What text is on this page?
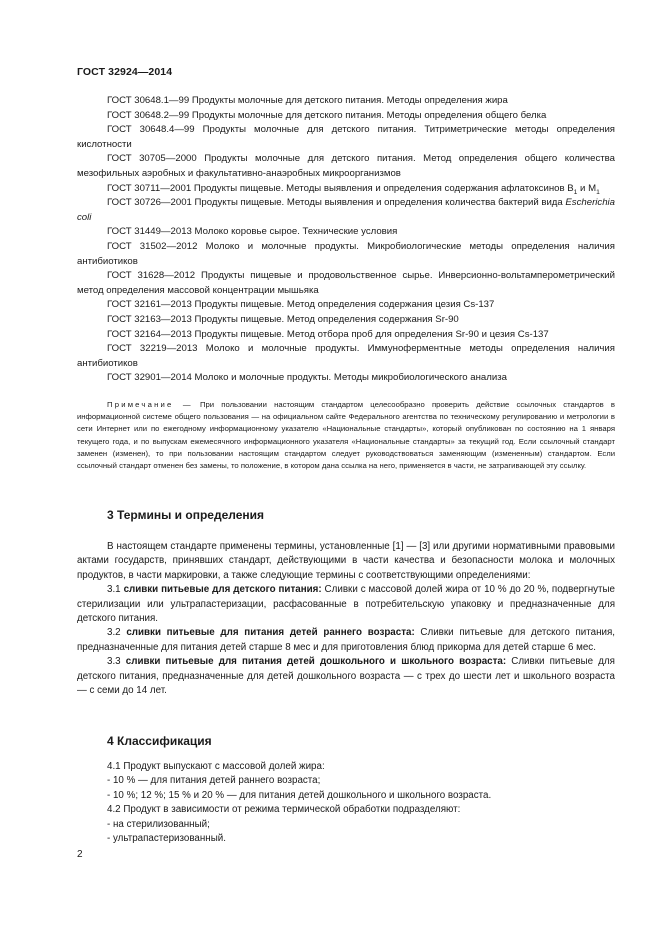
ГОСТ 32924—2014

ГОСТ 30648.1—99 Продукты молочные для детского питания. Методы определения жира

ГОСТ 30648.2—99 Продукты молочные для детского питания. Методы определения общего белка

ГОСТ 30648.4—99 Продукты молочные для детского питания. Титриметрические методы определения кислотности

ГОСТ 30705—2000 Продукты молочные для детского питания. Метод определения общего количества мезофильных аэробных и факультативно-анаэробных микроорганизмов

ГОСТ 30711—2001 Продукты пищевые. Методы выявления и определения содержания афлатоксинов $B_1$ и $M_1$

ГОСТ 30726—2001 Продукты пищевые. Методы выявления и определения количества бактерий вида Escherichia coli

ГОСТ 31449—2013 Молоко коровье сырое. Технические условия

ГОСТ 31502—2012 Молоко и молочные продукты. Микробиологические методы определения наличия антибиотиков

ГОСТ 31628—2012 Продукты пищевые и продовольственное сырье. Инверсионно-вольтамперометрический метод определения массовой концентрации мышьяка

ГОСТ 32161—2013 Продукты пищевые. Метод определения содержания цезия Cs-137

ГОСТ 32163—2013 Продукты пищевые. Метод определения содержания Sr-90

ГОСТ 32164—2013 Продукты пищевые. Метод отбора проб для определения Sr-90 и цезия Cs-137

ГОСТ 32219—2013 Молоко и молочные продукты. Иммуноферментные методы определения наличия антибиотиков

ГОСТ 32901—2014 Молоко и молочные продукты. Методы микробиологического анализа

Примечание — При пользовании настоящим стандартом целесообразно проверить действие ссылочных стандартов в информационной системе общего пользования — на официальном сайте Федерального агентства по техническому регулированию и метрологии в сети Интернет или по ежегодному информационному указателю «Национальные стандарты», который опубликован по состоянию на 1 января текущего года, и по выпускам ежемесячного информационного указателя «Национальные стандарты» за текущий год. Если ссылочный стандарт заменен (изменен), то при пользовании настоящим стандартом следует руководствоваться заменяющим (измененным) стандартом. Если ссылочный стандарт отменен без замены, то положение, в котором дана ссылка на него, применяется в части, не затрагивающей эту ссылку.

3 Термины и определения

В настоящем стандарте применены термины, установленные [1] — [3] или другими нормативными правовыми актами государств, принявших стандарт, действующими в части качества и безопасности молока и молочных продуктов, в части маркировки, а также следующие термины с соответствующими определениями:

3.1 сливки питьевые для детского питания: Сливки с массовой долей жира от 10 % до 20 %, подвергнутые стерилизации или ультрапастеризации, расфасованные в потребительскую упаковку и предназначенные для детского питания.

3.2 сливки питьевые для питания детей раннего возраста: Сливки питьевые для детского питания, предназначенные для питания детей старше 8 мес и для приготовления блюд прикорма для детей старше 6 мес.

3.3 сливки питьевые для питания детей дошкольного и школьного возраста: Сливки питьевые для детского питания, предназначенные для детей дошкольного возраста — с трех до шести лет и школьного возраста — с семи до 14 лет.

4 Классификация

4.1 Продукт выпускают с массовой долей жира:

- 10 % — для питания детей раннего возраста;

- 10 %; 12 %; 15 % и 20 % — для питания детей дошкольного и школьного возраста.

4.2 Продукт в зависимости от режима термической обработки подразделяют:

- на стерилизованный;

- ультрапастеризованный.

2
